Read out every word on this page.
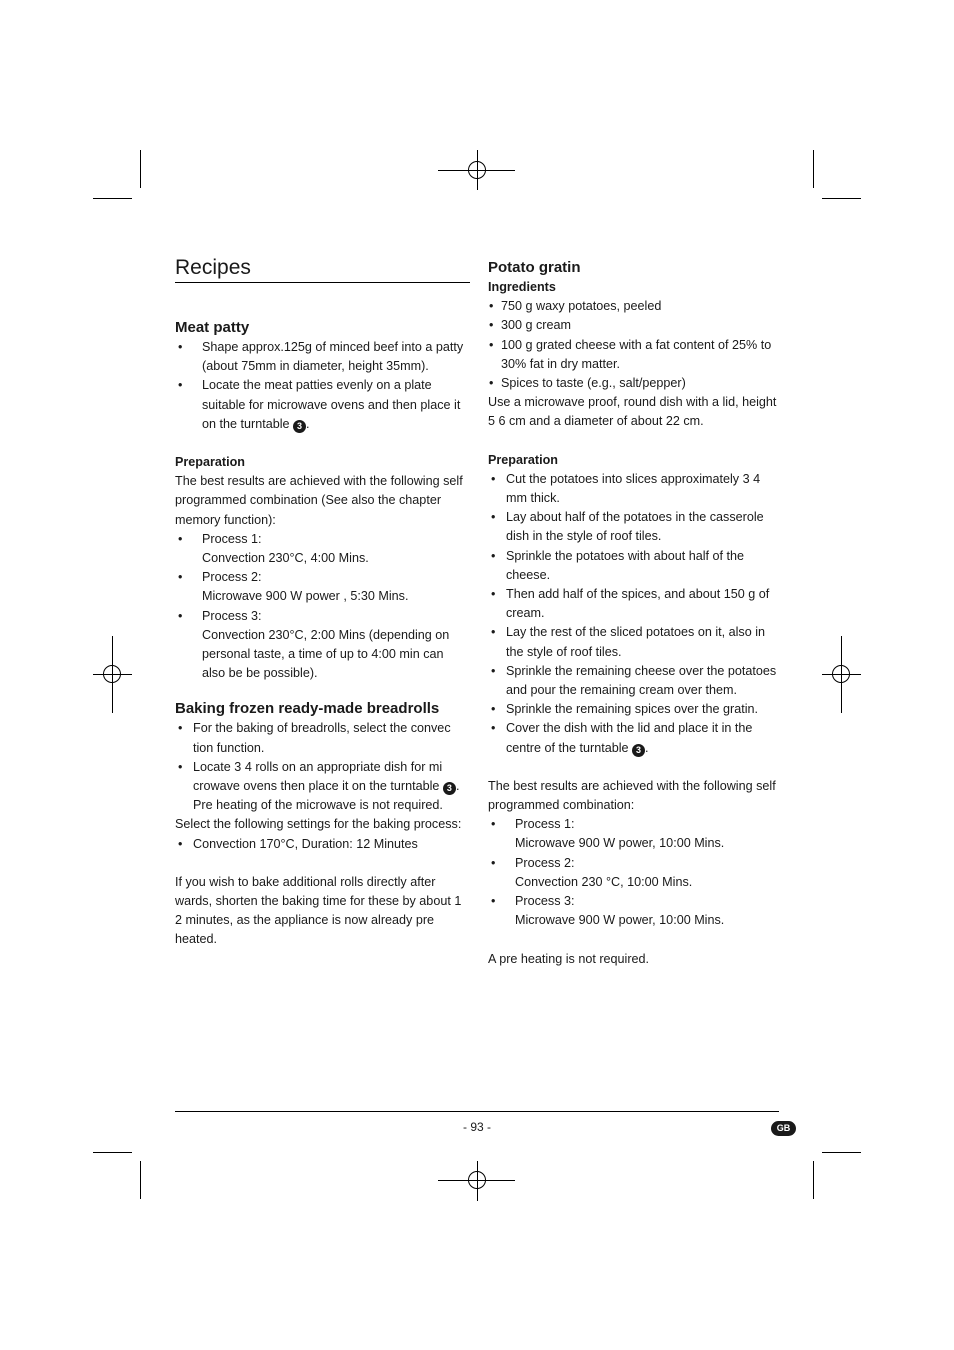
Recipes
Meat patty
• Shape approx.125g of minced beef into a patty (about 75mm in diameter, height 35mm).
• Locate the meat patties evenly on a plate suitable for microwave ovens and then place it on the turntable 3 .
Preparation

The best results are achieved with the following self programmed combination (See also the chapter memory function):

• Process 1:
Convection 230°C, 4:00 Mins.
• Process 2:
Microwave 900 W power , 5:30 Mins.
• Process 3:
Convection 230°C, 2:00 Mins (depending on personal taste, a time of up to 4:00 min can also be be possible).
Baking frozen ready-made breadrolls
• For the baking of breadrolls, select the convec tion function.
• Locate 3 4 rolls on an appropriate dish for mi crowave ovens then place it on the turntable 3 . Pre heating of the microwave is not required.

Select the following settings for the baking process:

• Convection 170°C, Duration: 12 Minutes

If you wish to bake additional rolls directly after wards, shorten the baking time for these by about 1 2 minutes, as the appliance is now already pre heated.

Potato gratin
Ingredients
• 750 g waxy potatoes, peeled
• 300 g cream
• 100 g grated cheese with a fat content of 25% to 30% fat in dry matter.
• Spices to taste (e.g., salt/pepper)

Use a microwave proof, round dish with a lid, height 5 6 cm and a diameter of about 22 cm.

Preparation
• Cut the potatoes into slices approximately 3 4 mm thick.
• Lay about half of the potatoes in the casserole dish in the style of roof tiles.
• Sprinkle the potatoes with about half of the cheese.
• Then add half of the spices, and about 150 g of cream.
• Lay the rest of the sliced potatoes on it, also in the style of roof tiles.
• Sprinkle the remaining cheese over the potatoes and pour the remaining cream over them.
• Sprinkle the remaining spices over the gratin.
• Cover the dish with the lid and place it in the centre of the turntable 3 .

The best results are achieved with the following self programmed combination:

• Process 1:
Microwave 900 W power, 10:00 Mins.
• Process 2:
Convection 230 °C, 10:00 Mins.
• Process 3:
Microwave 900 W power, 10:00 Mins.

A pre heating is not required.

- 93 -	GB
